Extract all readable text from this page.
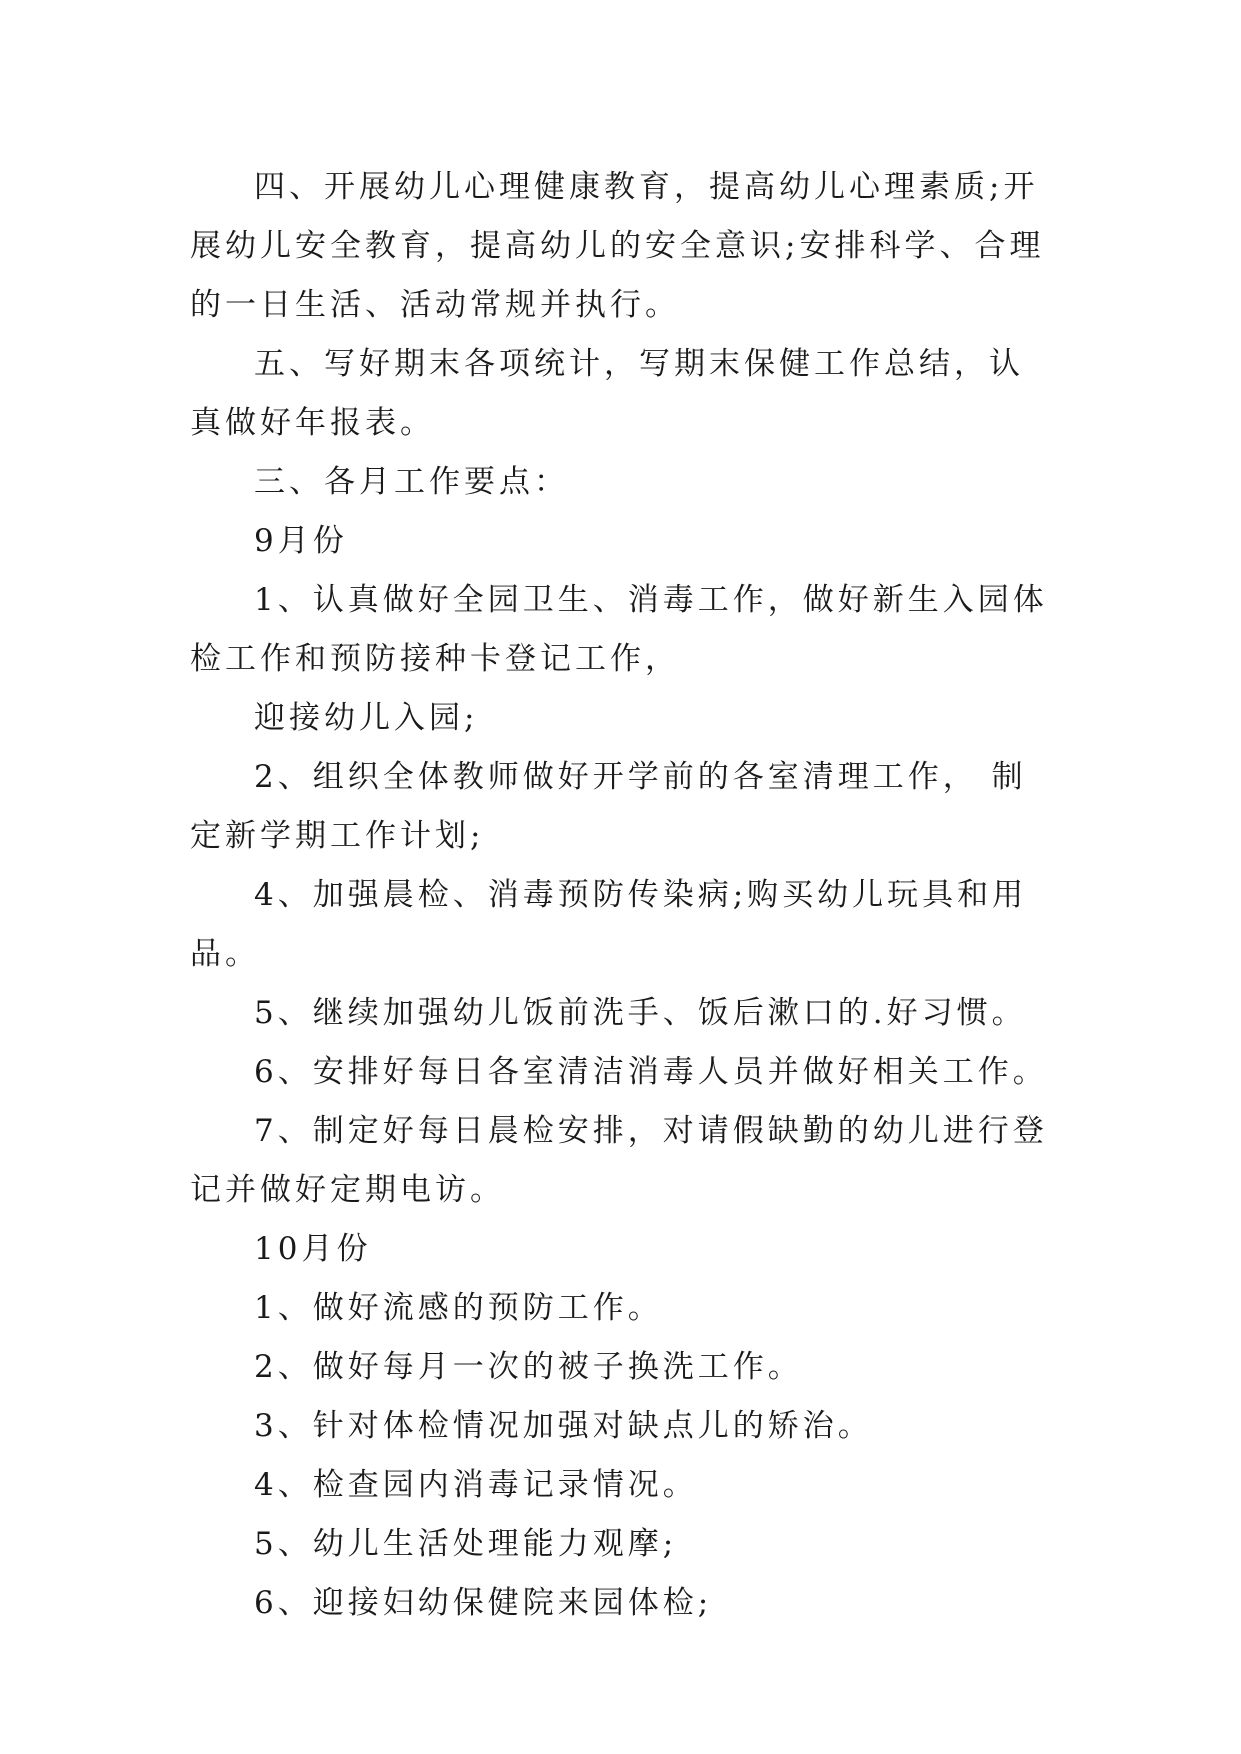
四、开展幼儿心理健康教育，提高幼儿心理素质;开展幼儿安全教育，提高幼儿的安全意识;安排科学、合理的一日生活、活动常规并执行。

五、写好期末各项统计，写期末保健工作总结，认真做好年报表。

三、各月工作要点：

9月份

1、认真做好全园卫生、消毒工作，做好新生入园体检工作和预防接种卡登记工作，

迎接幼儿入园;

2、组织全体教师做好开学前的各室清理工作， 制定新学期工作计划;

4、加强晨检、消毒预防传染病;购买幼儿玩具和用品。

5、继续加强幼儿饭前洗手、饭后漱口的.好习惯。

6、安排好每日各室清洁消毒人员并做好相关工作。

7、制定好每日晨检安排，对请假缺勤的幼儿进行登记并做好定期电访。

10月份

1、做好流感的预防工作。

2、做好每月一次的被子换洗工作。

3、针对体检情况加强对缺点儿的矫治。

4、检查园内消毒记录情况。

5、幼儿生活处理能力观摩;

6、迎接妇幼保健院来园体检;
